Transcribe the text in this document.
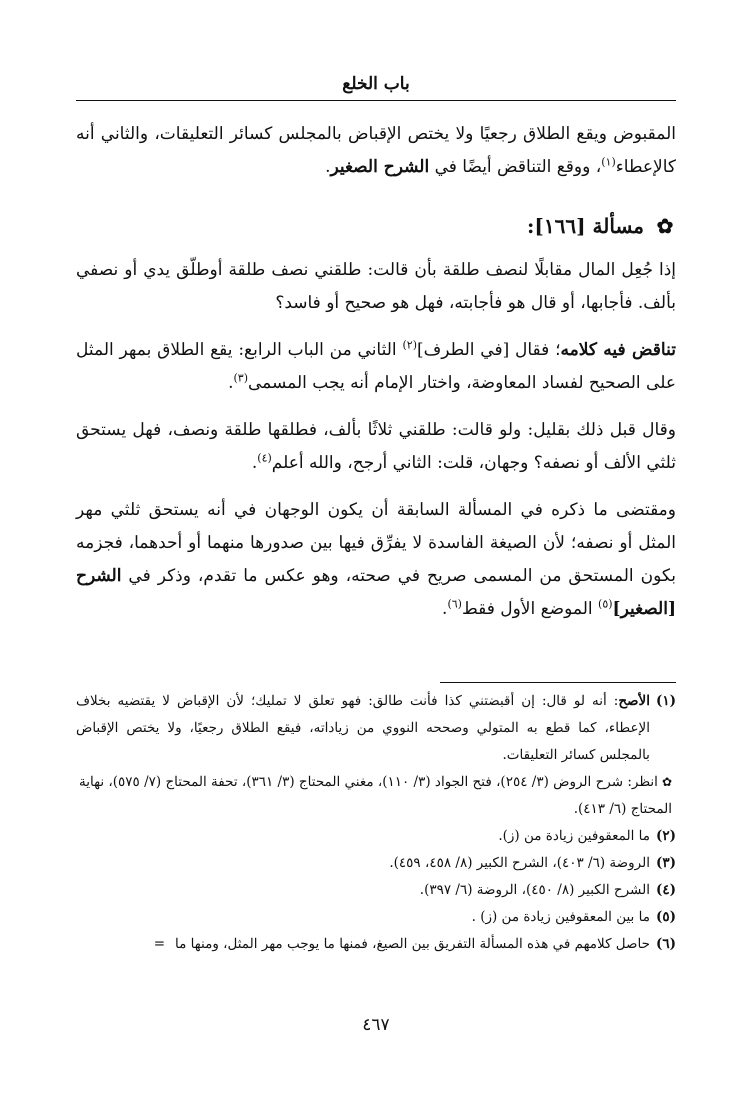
باب الخلع

المقبوض ويقع الطلاق رجعيًا ولا يختص الإقباض بالمجلس كسائر التعليقات، والثاني أنه كالإعطاء$^{(١)}$، ووقع التناقض أيضًا في الشرح الصغير.

✿
مسألة [١٦٦]:

إذا جُعِل المال مقابلًا لنصف طلقة بأن قالت: طلقني نصف طلقة أوطلّق يدي أو نصفي بألف. فأجابها، أو قال هو فأجابته، فهل هو صحيح أو فاسد؟

تناقض فيه كلامه؛ فقال [في الطرف]$^{(٢)}$ الثاني من الباب الرابع: يقع الطلاق بمهر المثل على الصحيح لفساد المعاوضة، واختار الإمام أنه يجب المسمى$^{(٣)}$.

وقال قبل ذلك بقليل: ولو قالت: طلقني ثلاثًا بألف، فطلقها طلقة ونصف، فهل يستحق ثلثي الألف أو نصفه؟ وجهان، قلت: الثاني أرجح، والله أعلم$^{(٤)}$.

ومقتضى ما ذكره في المسألة السابقة أن يكون الوجهان في أنه يستحق ثلثي مهر المثل أو نصفه؛ لأن الصيغة الفاسدة لا يفرِّق فيها بين صدورها منهما أو أحدهما، فجزمه بكون المستحق من المسمى صريح في صحته، وهو عكس ما تقدم، وذكر في الشرح [الصغير]$^{(٥)}$ الموضع الأول فقط$^{(٦)}$.

(١)
الأصح: أنه لو قال: إن أقبضتني كذا فأنت طالق: فهو تعلق لا تمليك؛ لأن الإقباض لا يقتضيه بخلاف الإعطاء، كما قطع به المتولي وصححه النووي من زياداته، فيقع الطلاق رجعيًا، ولا يختص الإقباض بالمجلس كسائر التعليقات.
✿انظر: شرح الروض (٣/ ٢٥٤)، فتح الجواد (٣/ ١١٠)، مغني المحتاج (٣/ ٣٦١)، تحفة المحتاج (٧/ ٥٧٥)، نهاية المحتاج (٦/ ٤١٣).
(٢)
ما المعقوفين زيادة من (ز).
(٣)
الروضة (٦/ ٤٠٣)، الشرح الكبير (٨/ ٤٥٨، ٤٥٩).
(٤)
الشرح الكبير (٨/ ٤٥٠)، الروضة (٦/ ٣٩٧).
(٥)
ما بين المعقوفين زيادة من (ز) .
(٦)
حاصل كلامهم في هذه المسألة التفريق بين الصيغ، فمنها ما يوجب مهر المثل، ومنها ما=
٤٦٧
